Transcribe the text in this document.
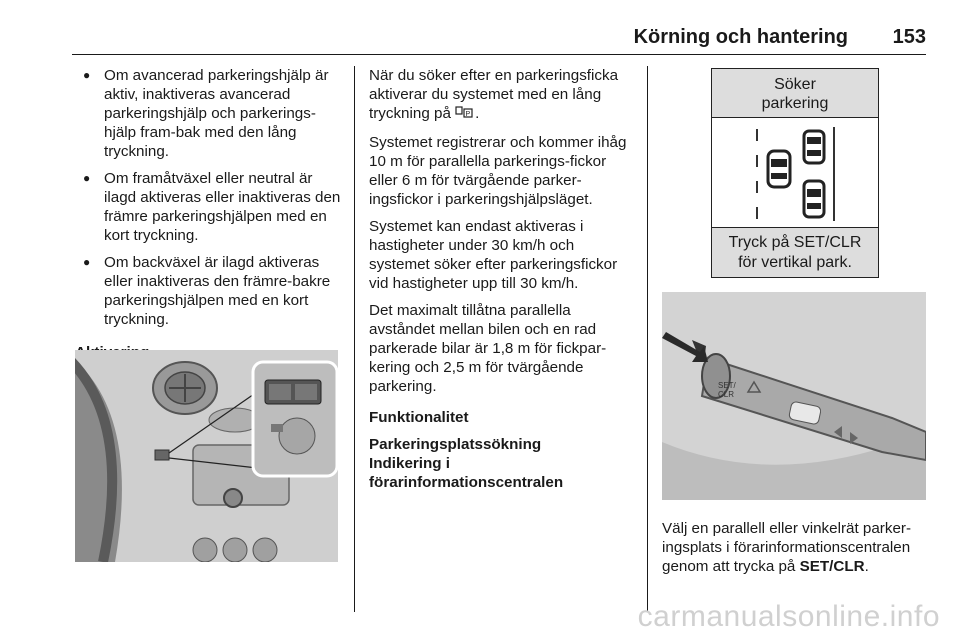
Körning och hantering 153
● Om avancerad parkeringshjälp är aktiv, inaktiveras avancerad parkeringshjälp och parkerings-hjälp fram-bak med den lång tryckning.
● Om framåtväxel eller neutral är ilagd aktiveras eller inaktiveras den främre parkeringshjälpen med en kort tryckning.
● Om backväxel är ilagd aktiveras eller inaktiveras den främre-bakre parkeringshjälpen med en kort tryckning.

När du söker efter en parkeringsficka aktiverar du systemet med en lång tryckning på P .

Systemet registrerar och kommer ihåg 10 m för parallella parkerings-fickor eller 6 m för tvärgående parker-ingsfickor i parkeringshjälpsläget.

Systemet kan endast aktiveras i hastigheter under 30 km/h och systemet söker efter parkeringsfickor vid hastigheter upp till 30 km/h.

Det maximalt tillåtna parallella avståndet mellan bilen och en rad parkerade bilar är 1,8 m för fickpar-kering och 2,5 m för tvärgående parkering.

Funktionalitet
Parkeringsplatssökning
Indikering i
förarinformationscentralen
Söker
parkering
Tryck på SET/CLR
för vertikal park.
SET/
CLR
Välj en parallell eller vinkelrät parker-ingsplats i förarinformationscentralen genom att trycka på SET/CLR.
carmanualsonline.info
